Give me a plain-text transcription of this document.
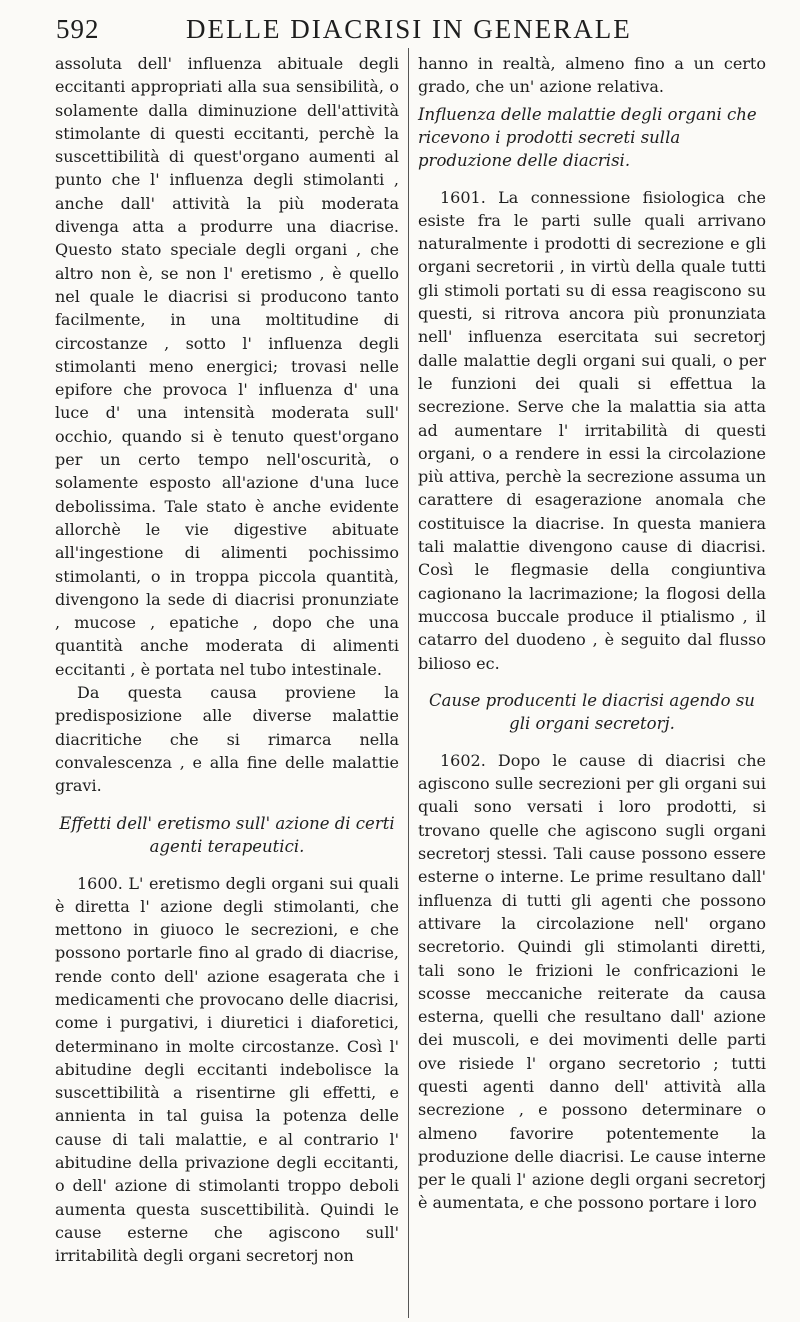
592	DELLE DIACRISI IN GENERALE

assoluta dell' influenza abituale degli eccitanti appropriati alla sua sensibilità, o solamente dalla diminuzione dell'attività stimolante di questi eccitanti, perchè la suscettibilità di quest'organo aumenti al punto che l' influenza degli stimolanti , anche dall' attività la più moderata divenga atta a produrre una diacrise. Questo stato speciale degli organi , che altro non è, se non l' eretismo , è quello nel quale le diacrisi si producono tanto facilmente, in una moltitudine di circostanze , sotto l' influenza degli stimolanti meno energici; trovasi nelle epifore che provoca l' influenza d' una luce d' una intensità moderata sull' occhio, quando si è tenuto quest'organo per un certo tempo nell'oscurità, o solamente esposto all'azione d'una luce debolissima. Tale stato è anche evidente allorchè le vie digestive abituate all'ingestione di alimenti pochissimo stimolanti, o in troppa piccola quantità, divengono la sede di diacrisi pronunziate , mucose , epatiche , dopo che una quantità anche moderata di alimenti eccitanti , è portata nel tubo intestinale.

Da questa causa proviene la predisposizione alle diverse malattie diacritiche che si rimarca nella convalescenza , e alla fine delle malattie gravi.

Effetti dell' eretismo sull' azione di certi agenti terapeutici.

1600. L' eretismo degli organi sui quali è diretta l' azione degli stimolanti, che mettono in giuoco le secrezioni, e che possono portarle fino al grado di diacrise, rende conto dell' azione esagerata che i medicamenti che provocano delle diacrisi, come i purgativi, i diuretici i diaforetici, determinano in molte circostanze. Così l' abitudine degli eccitanti indebolisce la suscettibilità a risentirne gli effetti, e annienta in tal guisa la potenza delle cause di tali malattie, e al contrario l' abitudine della privazione degli eccitanti, o dell' azione di stimolanti troppo deboli aumenta questa suscettibilità. Quindi le cause esterne che agiscono sull' irritabilità degli organi secretorj non

hanno in realtà, almeno fino a un certo grado, che un' azione relativa.

Influenza delle malattie degli organi che ricevono i prodotti secreti sulla produzione delle diacrisi.

1601. La connessione fisiologica che esiste fra le parti sulle quali arrivano naturalmente i prodotti di secrezione e gli organi secretorii , in virtù della quale tutti gli stimoli portati su di essa reagiscono su questi, si ritrova ancora più pronunziata nell' influenza esercitata sui secretorj dalle malattie degli organi sui quali, o per le funzioni dei quali si effettua la secrezione. Serve che la malattia sia atta ad aumentare l' irritabilità di questi organi, o a rendere in essi la circolazione più attiva, perchè la secrezione assuma un carattere di esagerazione anomala che costituisce la diacrise. In questa maniera tali malattie divengono cause di diacrisi. Così le flegmasie della congiuntiva cagionano la lacrimazione; la flogosi della muccosa buccale produce il ptialismo , il catarro del duodeno , è seguito dal flusso bilioso ec.

Cause producenti le diacrisi agendo su gli organi secretorj.

1602. Dopo le cause di diacrisi che agiscono sulle secrezioni per gli organi sui quali sono versati i loro prodotti, si trovano quelle che agiscono sugli organi secretorj stessi. Tali cause possono essere esterne o interne. Le prime resultano dall' influenza di tutti gli agenti che possono attivare la circolazione nell' organo secretorio. Quindi gli stimolanti diretti, tali sono le frizioni le confricazioni le scosse meccaniche reiterate da causa esterna, quelli che resultano dall' azione dei muscoli, e dei movimenti delle parti ove risiede l' organo secretorio ; tutti questi agenti danno dell' attività alla secrezione , e possono determinare o almeno favorire potentemente la produzione delle diacrisi. Le cause interne per le quali l' azione degli organi secretorj è aumentata, e che possono portare i loro
